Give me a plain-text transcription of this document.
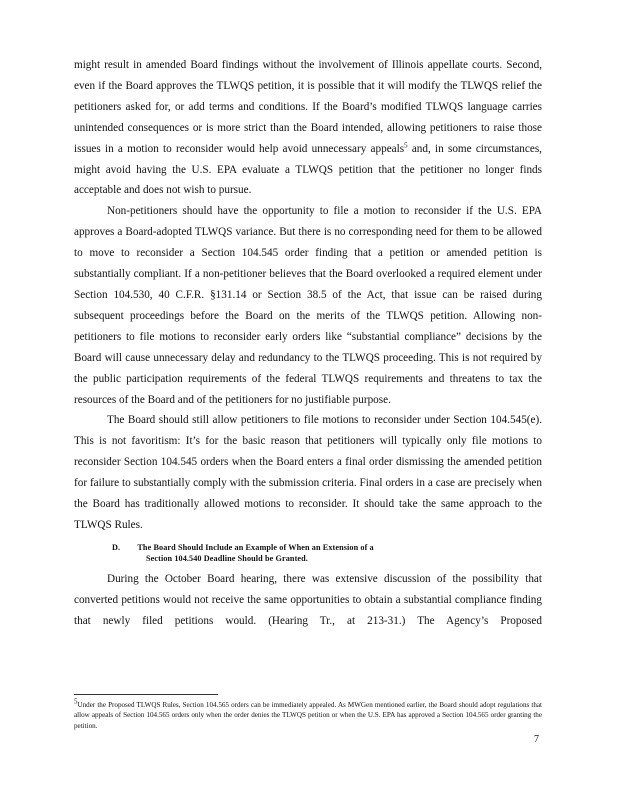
might result in amended Board findings without the involvement of Illinois appellate courts. Second, even if the Board approves the TLWQS petition, it is possible that it will modify the TLWQS relief the petitioners asked for, or add terms and conditions. If the Board’s modified TLWQS language carries unintended consequences or is more strict than the Board intended, allowing petitioners to raise those issues in a motion to reconsider would help avoid unnecessary appeals$^5$ and, in some circumstances, might avoid having the U.S. EPA evaluate a TLWQS petition that the petitioner no longer finds acceptable and does not wish to pursue.

Non-petitioners should have the opportunity to file a motion to reconsider if the U.S. EPA approves a Board-adopted TLWQS variance. But there is no corresponding need for them to be allowed to move to reconsider a Section 104.545 order finding that a petition or amended petition is substantially compliant. If a non-petitioner believes that the Board overlooked a required element under Section 104.530, 40 C.F.R. §131.14 or Section 38.5 of the Act, that issue can be raised during subsequent proceedings before the Board on the merits of the TLWQS petition. Allowing non-petitioners to file motions to reconsider early orders like “substantial compliance” decisions by the Board will cause unnecessary delay and redundancy to the TLWQS proceeding. This is not required by the public participation requirements of the federal TLWQS requirements and threatens to tax the resources of the Board and of the petitioners for no justifiable purpose.

The Board should still allow petitioners to file motions to reconsider under Section 104.545(e). This is not favoritism: It’s for the basic reason that petitioners will typically only file motions to reconsider Section 104.545 orders when the Board enters a final order dismissing the amended petition for failure to substantially comply with the submission criteria. Final orders in a case are precisely when the Board has traditionally allowed motions to reconsider. It should take the same approach to the TLWQS Rules.

D. The Board Should Include an Example of When an Extension of a
Section 104.540 Deadline Should be Granted.

During the October Board hearing, there was extensive discussion of the possibility that converted petitions would not receive the same opportunities to obtain a substantial compliance finding that newly filed petitions would. (Hearing Tr., at 213-31.) The Agency’s Proposed

5Under the Proposed TLWQS Rules, Section 104.565 orders can be immediately appealed. As MWGen mentioned earlier, the Board should adopt regulations that allow appeals of Section 104.565 orders only when the order denies the TLWQS petition or when the U.S. EPA has approved a Section 104.565 order granting the petition.
7
